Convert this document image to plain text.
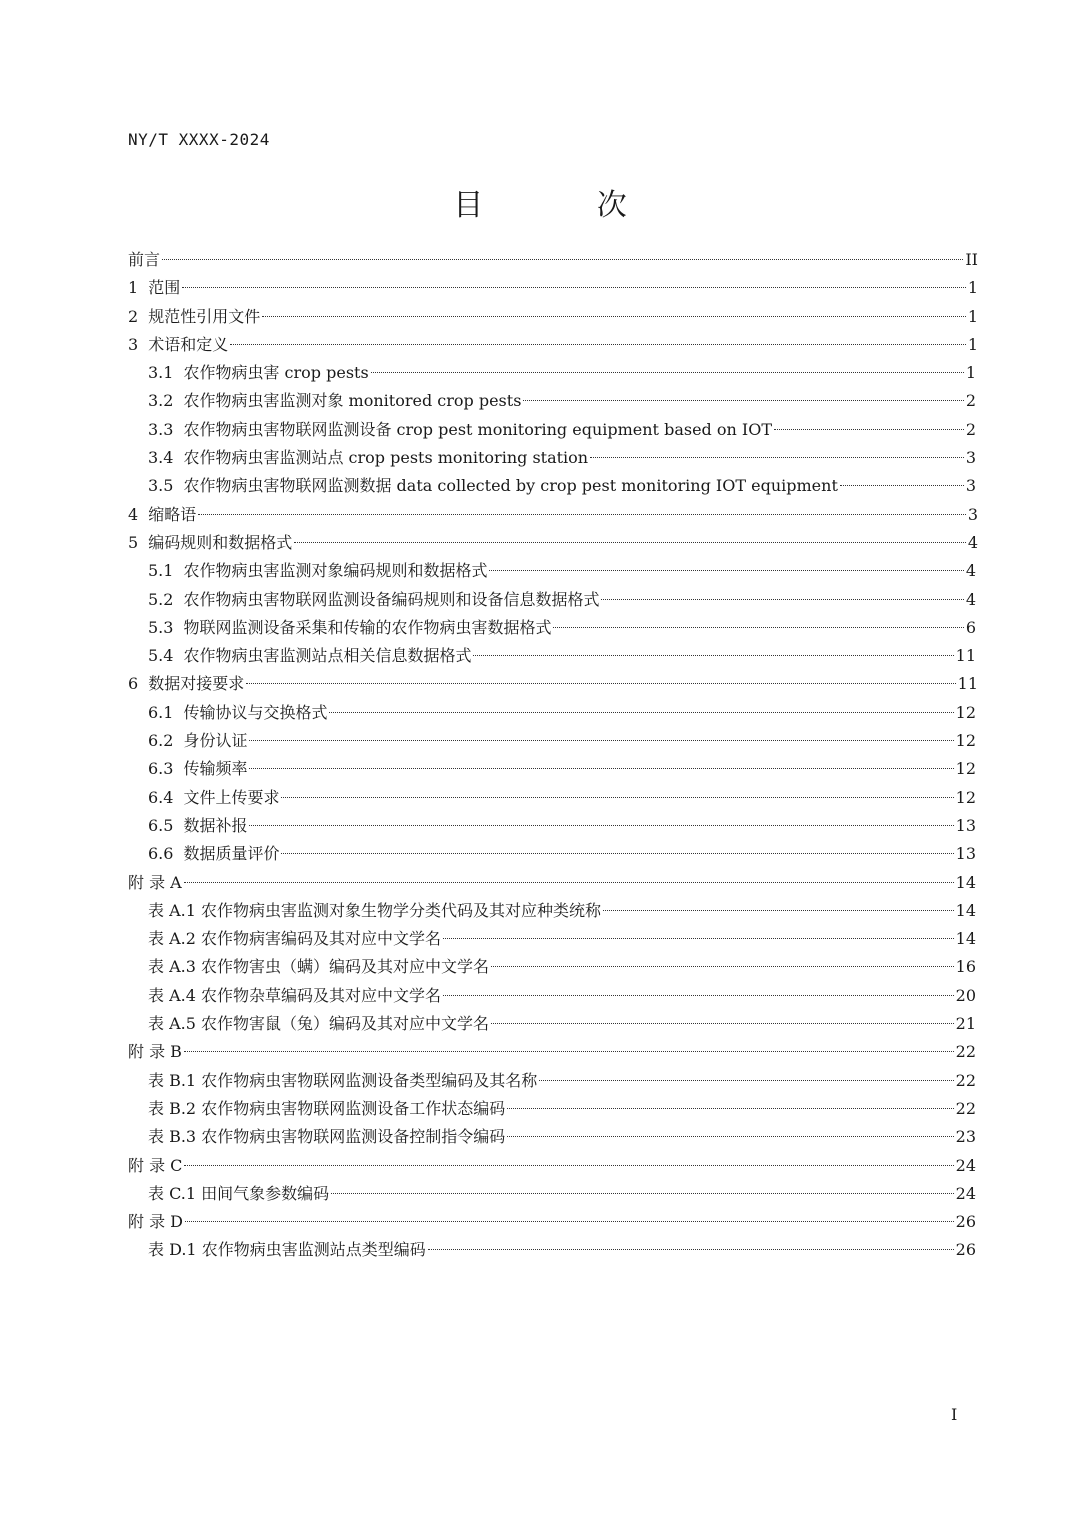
NY/T XXXX-2024
目 次
前言	II
1 范围	1
2 规范性引用文件	1
3 术语和定义	1
3.1 农作物病虫害 crop pests	1
3.2 农作物病虫害监测对象 monitored crop pests	2
3.3 农作物病虫害物联网监测设备 crop pest monitoring equipment based on IOT	2
3.4 农作物病虫害监测站点 crop pests monitoring station	3
3.5 农作物病虫害物联网监测数据 data collected by crop pest monitoring IOT equipment	3
4 缩略语	3
5 编码规则和数据格式	4
5.1 农作物病虫害监测对象编码规则和数据格式	4
5.2 农作物病虫害物联网监测设备编码规则和设备信息数据格式	4
5.3 物联网监测设备采集和传输的农作物病虫害数据格式	6
5.4 农作物病虫害监测站点相关信息数据格式	11
6 数据对接要求	11
6.1 传输协议与交换格式	12
6.2 身份认证	12
6.3 传输频率	12
6.4 文件上传要求	12
6.5 数据补报	13
6.6 数据质量评价	13
附 录 A	14
表 A.1 农作物病虫害监测对象生物学分类代码及其对应种类统称	14
表 A.2 农作物病害编码及其对应中文学名	14
表 A.3 农作物害虫（螨）编码及其对应中文学名	16
表 A.4 农作物杂草编码及其对应中文学名	20
表 A.5 农作物害鼠（兔）编码及其对应中文学名	21
附 录 B	22
表 B.1 农作物病虫害物联网监测设备类型编码及其名称	22
表 B.2 农作物病虫害物联网监测设备工作状态编码	22
表 B.3 农作物病虫害物联网监测设备控制指令编码	23
附 录 C	24
表 C.1 田间气象参数编码	24
附 录 D	26
表 D.1 农作物病虫害监测站点类型编码	26
I
